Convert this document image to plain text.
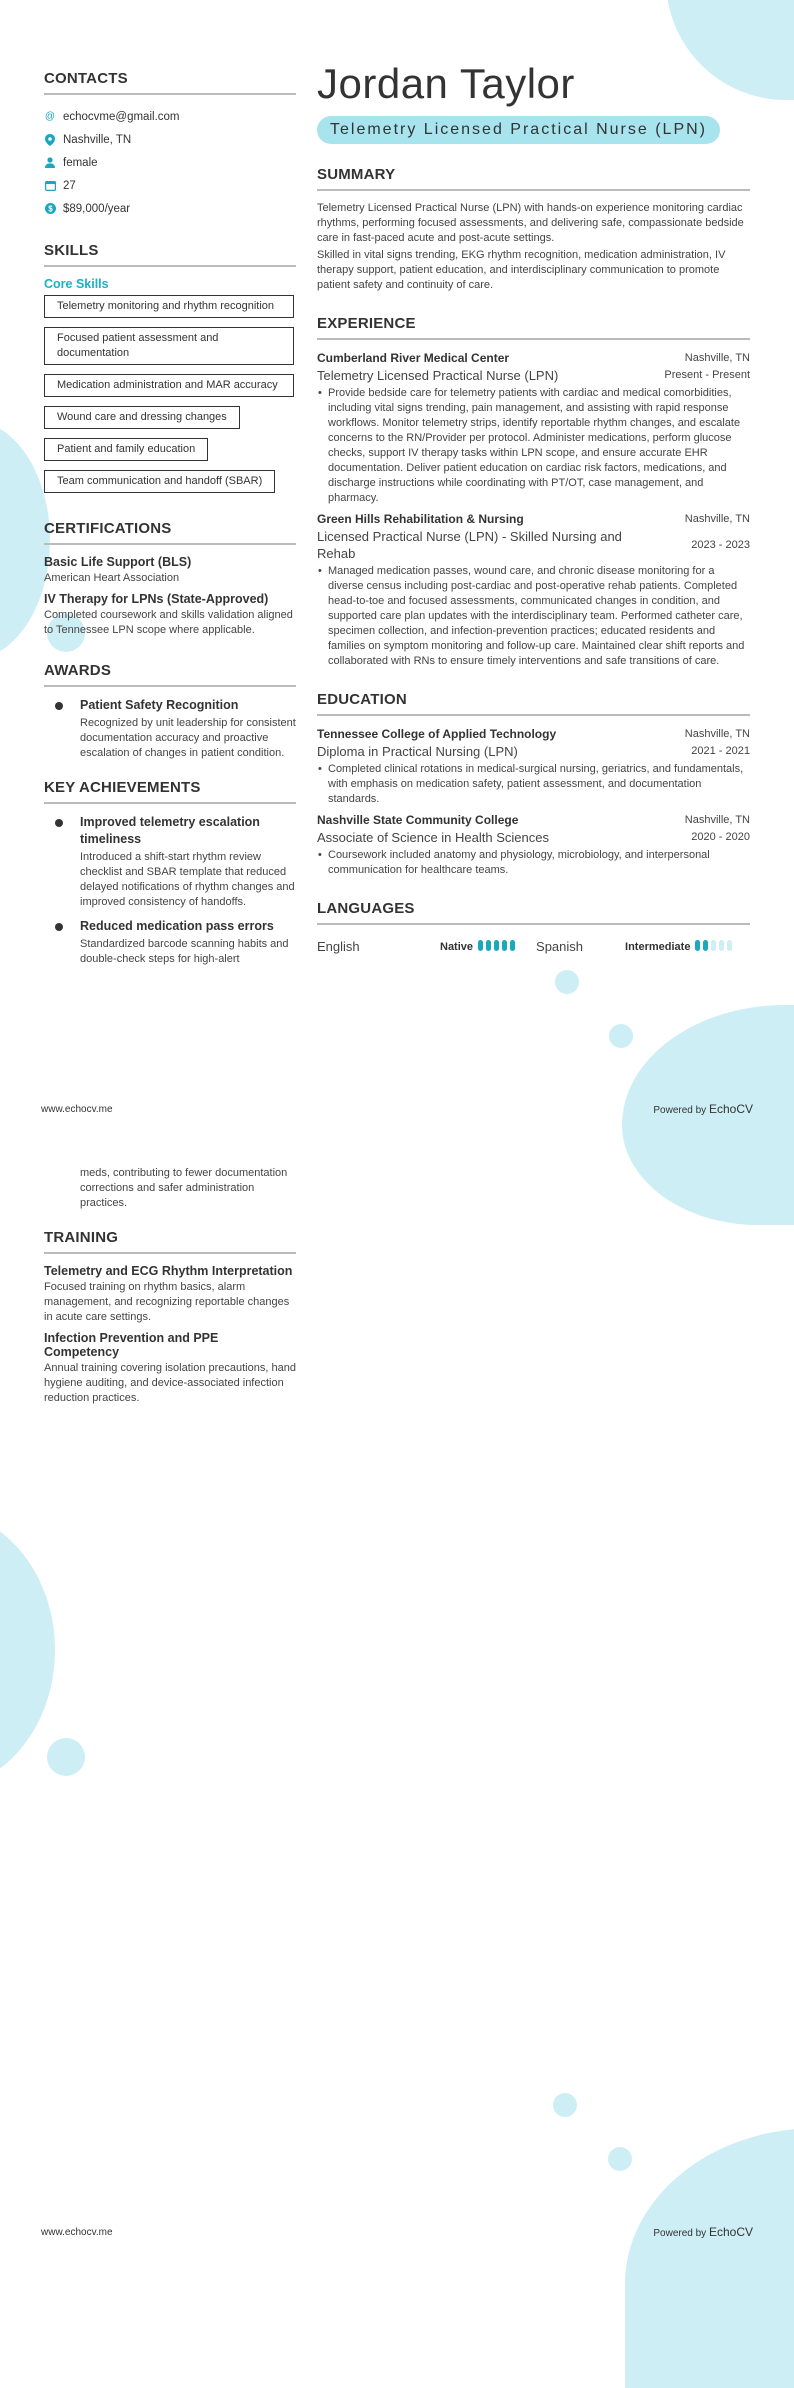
CONTACTS
@ echocvme@gmail.com
Nashville, TN
female
27
$ $89,000/year
SKILLS
Core Skills
Telemetry monitoring and rhythm recognition Focused patient assessment and documentation Medication administration and MAR accuracy Wound care and dressing changes
Patient and family education
Team communication and handoff (SBAR)
CERTIFICATIONS
Basic Life Support (BLS)
American Heart Association
IV Therapy for LPNs (State-Approved)
Completed coursework and skills validation aligned to Tennessee LPN scope where applicable.
AWARDS
Patient Safety Recognition
Recognized by unit leadership for consistent documentation accuracy and proactive escalation of changes in patient condition.
KEY ACHIEVEMENTS
Improved telemetry escalation timeliness
Introduced a shift-start rhythm review checklist and SBAR template that reduced delayed notifications of rhythm changes and improved consistency of handoffs.
Reduced medication pass errors
Standardized barcode scanning habits and double-check steps for high-alert
Jordan Taylor
Telemetry Licensed Practical Nurse (LPN)
SUMMARY
Telemetry Licensed Practical Nurse (LPN) with hands-on experience monitoring cardiac rhythms, performing focused assessments, and delivering safe, compassionate bedside care in fast-paced acute and post-acute settings.
Skilled in vital signs trending, EKG rhythm recognition, medication administration, IV therapy support, patient education, and interdisciplinary communication to promote patient safety and continuity of care.
EXPERIENCE
Cumberland River Medical Center	Nashville, TN
Telemetry Licensed Practical Nurse (LPN)	Present - Present
• Provide bedside care for telemetry patients with cardiac and medical comorbidities, including vital signs trending, pain management, and assisting with rapid response workflows. Monitor telemetry strips, identify reportable rhythm changes, and escalate concerns to the RN/Provider per protocol. Administer medications, perform glucose checks, support IV therapy tasks within LPN scope, and ensure accurate EHR documentation. Deliver patient education on cardiac risk factors, medications, and discharge instructions while coordinating with PT/OT, case management, and pharmacy.
Green Hills Rehabilitation & Nursing	Nashville, TN
Licensed Practical Nurse (LPN) - Skilled Nursing and Rehab
2023 - 2023
• Managed medication passes, wound care, and chronic disease monitoring for a diverse census including post-cardiac and post-operative rehab patients. Completed head-to-toe and focused assessments, communicated changes in condition, and supported care plan updates with the interdisciplinary team. Performed catheter care, specimen collection, and infection-prevention practices; educated residents and families on symptom monitoring and follow-up care. Maintained clear shift reports and collaborated with RNs to ensure timely interventions and safe transitions of care.
EDUCATION
Tennessee College of Applied Technology	Nashville, TN
Diploma in Practical Nursing (LPN)	2021 - 2021
• Completed clinical rotations in medical-surgical nursing, geriatrics, and fundamentals, with emphasis on medication safety, patient assessment, and documentation standards.
Nashville State Community College	Nashville, TN
Associate of Science in Health Sciences	2020 - 2020
• Coursework included anatomy and physiology, microbiology, and interpersonal communication for healthcare teams.
LANGUAGES
English	Native	Spanish	Intermediate
www.echocv.me	Powered by EchoCV
meds, contributing to fewer documentation corrections and safer administration practices.
TRAINING
Telemetry and ECG Rhythm Interpretation
Focused training on rhythm basics, alarm management, and recognizing reportable changes in acute care settings.
Infection Prevention and PPE Competency
Annual training covering isolation precautions, hand hygiene auditing, and device-associated infection reduction practices.
www.echocv.me	Powered by EchoCV
